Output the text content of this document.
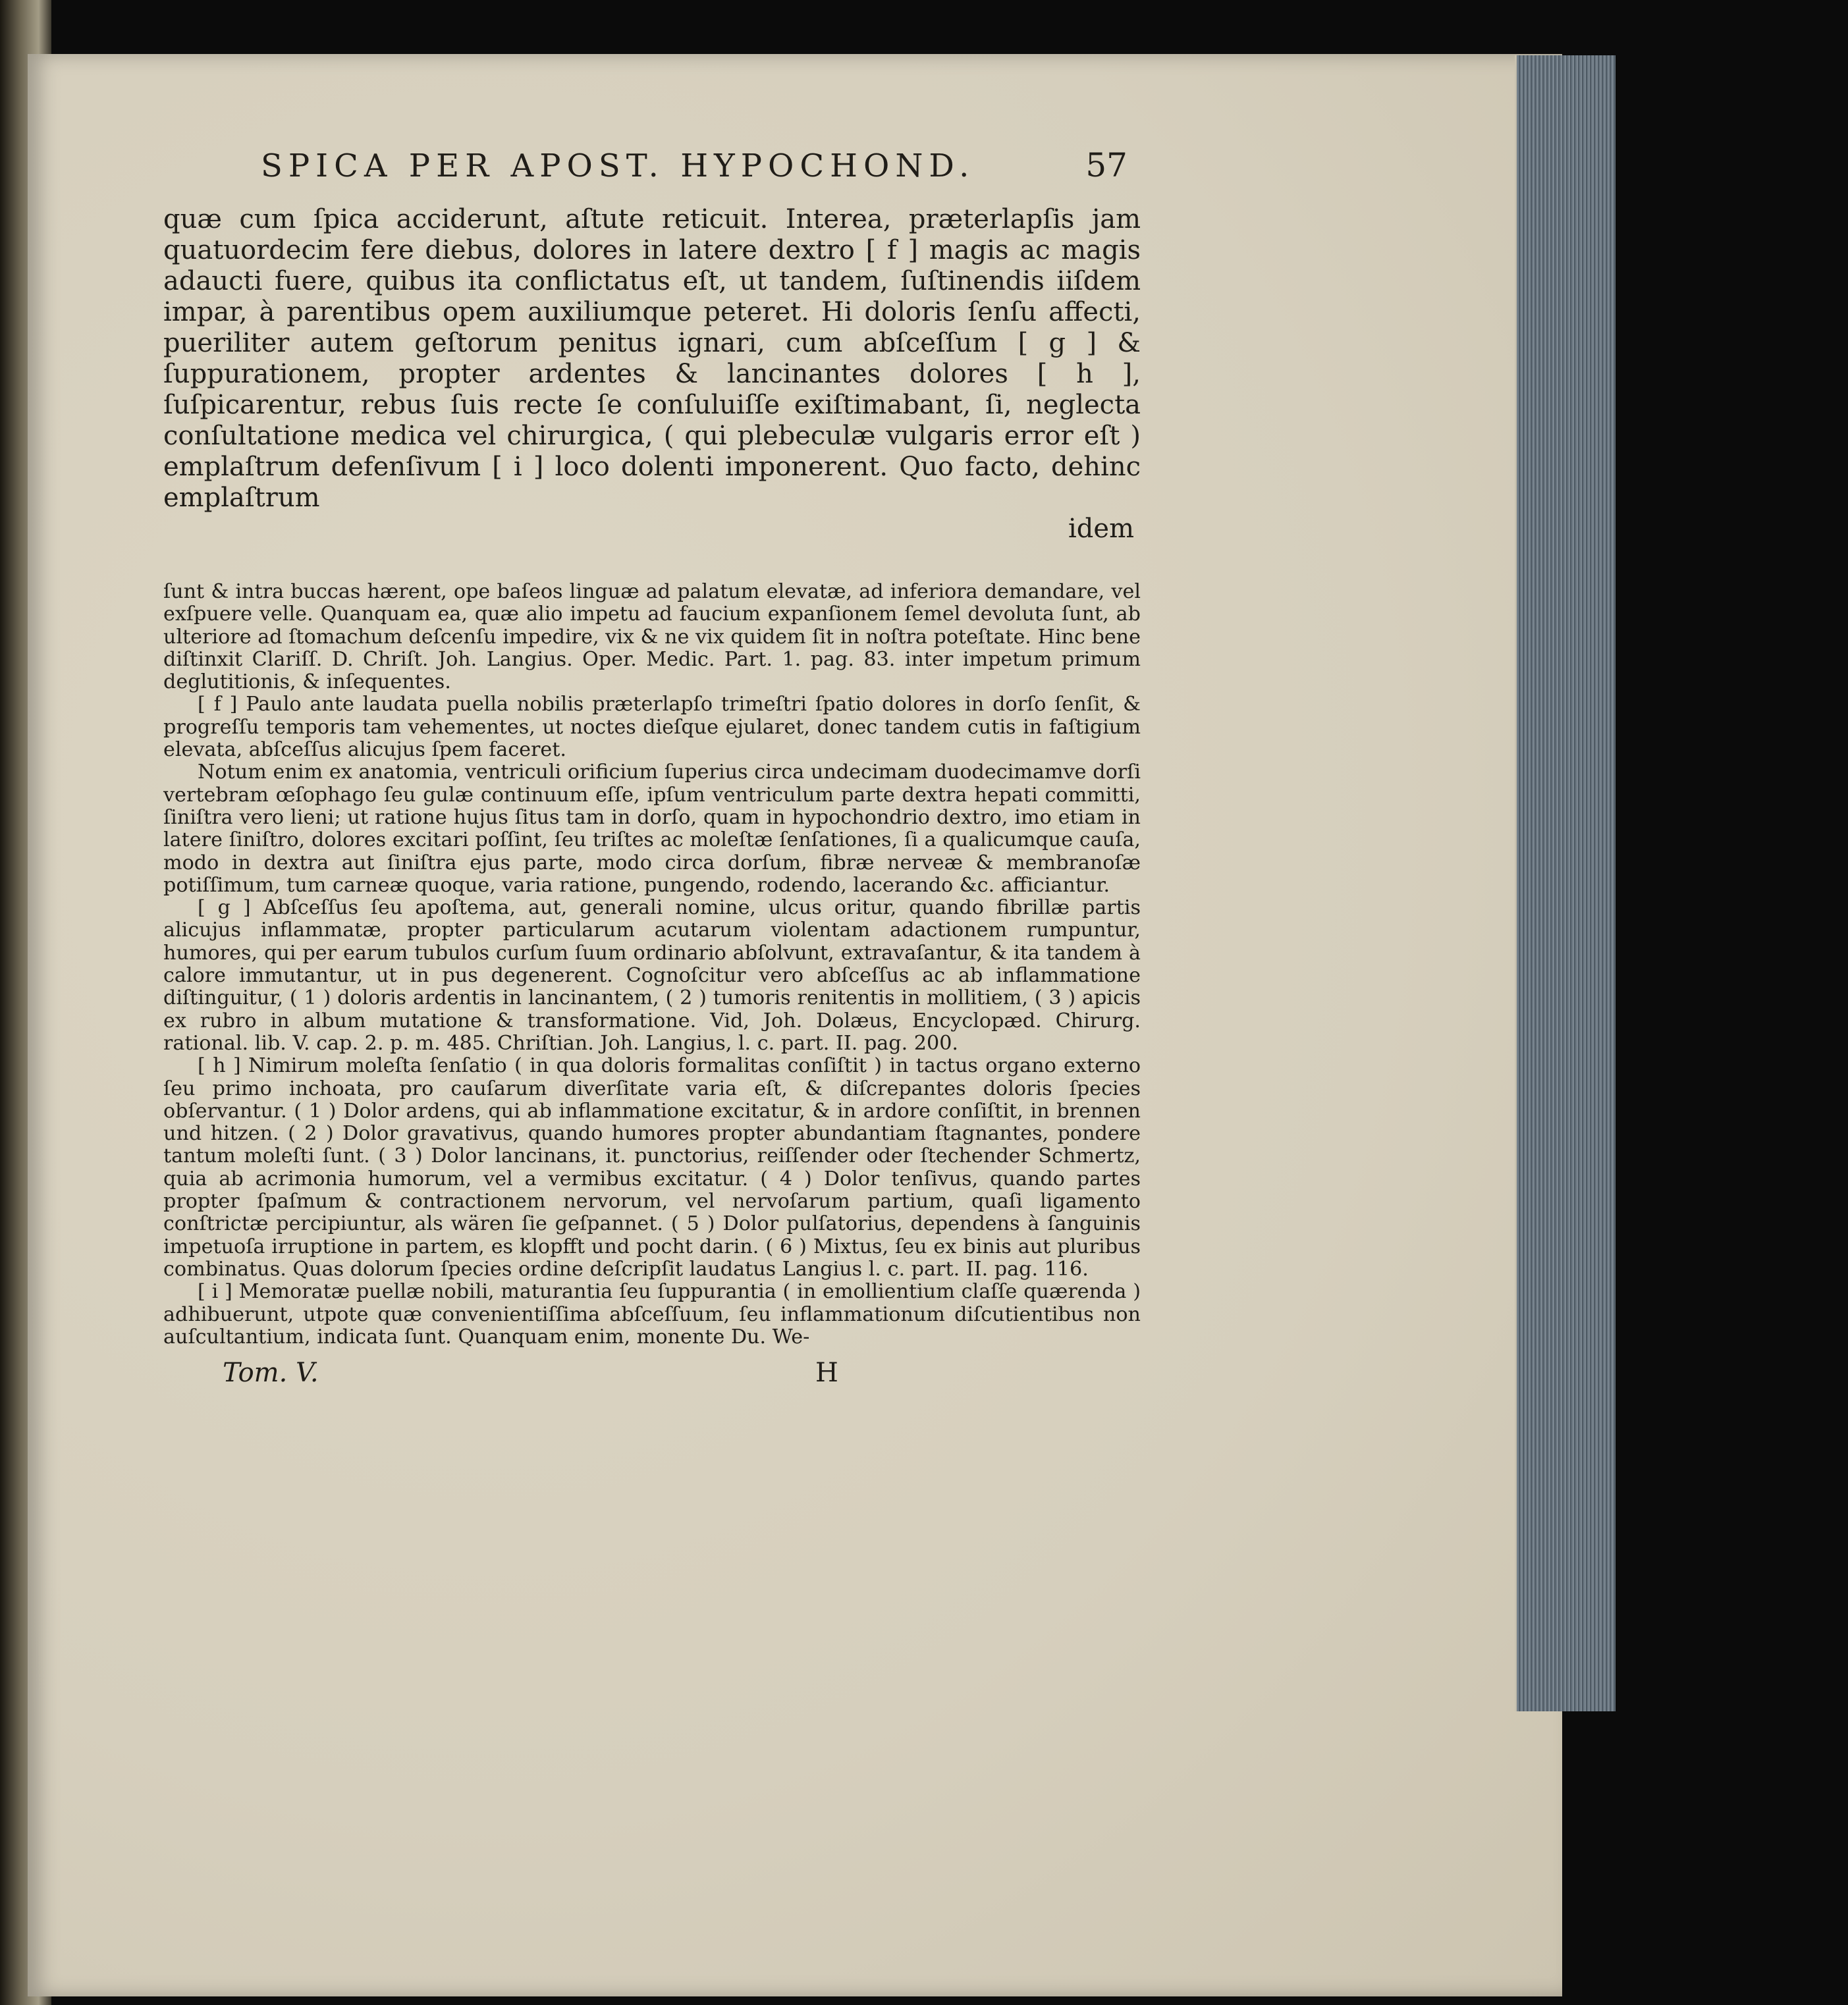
SPICA PER APOST. HYPOCHOND.	57
quæ cum ſpica acciderunt, aſtute reticuit. Interea, præterlapſis jam quatuordecim fere diebus, dolores in latere dextro [ f ] magis ac magis adaucti fuere, quibus ita conflictatus eſt, ut tandem, ſuſtinendis iiſdem impar, à parentibus opem auxiliumque peteret. Hi doloris ſenſu affecti, pueriliter autem geſtorum penitus ignari, cum abſceſſum [ g ] & ſuppurationem, propter ardentes & lancinantes dolores [ h ], ſuſpicarentur, rebus ſuis recte ſe conſuluiſſe exiſtimabant, ſi, neglecta conſultatione medica vel chirurgica, ( qui plebeculæ vulgaris error eſt ) emplaſtrum defenſivum [ i ] loco dolenti imponerent. Quo facto, dehinc emplaſtrum
idem

ſunt & intra buccas hærent, ope baſeos linguæ ad palatum elevatæ, ad inferiora demandare, vel exſpuere velle. Quanquam ea, quæ alio impetu ad faucium expanſionem ſemel devoluta ſunt, ab ulteriore ad ſtomachum deſcenſu impedire, vix & ne vix quidem ſit in noſtra poteſtate. Hinc bene diſtinxit Clariſſ. D. Chriſt. Joh. Langius. Oper. Medic. Part. 1. pag. 83. inter impetum primum deglutitionis, & inſequentes.

[ f ] Paulo ante laudata puella nobilis præterlapſo trimeſtri ſpatio dolores in dorſo ſenſit, & progreſſu temporis tam vehementes, ut noctes dieſque ejularet, donec tandem cutis in faſtigium elevata, abſceſſus alicujus ſpem faceret.

Notum enim ex anatomia, ventriculi orificium ſuperius circa undecimam duodecimamve dorſi vertebram œſophago ſeu gulæ continuum eſſe, ipſum ventriculum parte dextra hepati committi, ſiniſtra vero lieni; ut ratione hujus ſitus tam in dorſo, quam in hypochondrio dextro, imo etiam in latere ſiniſtro, dolores excitari poſſint, ſeu triſtes ac moleſtæ ſenſationes, ſi a qualicumque cauſa, modo in dextra aut ſiniſtra ejus parte, modo circa dorſum, fibræ nerveæ & membranoſæ potiſſimum, tum carneæ quoque, varia ratione, pungendo, rodendo, lacerando &c. afficiantur.

[ g ] Abſceſſus ſeu apoſtema, aut, generali nomine, ulcus oritur, quando fibrillæ partis alicujus inflammatæ, propter particularum acutarum violentam adactionem rumpuntur, humores, qui per earum tubulos curſum ſuum ordinario abſolvunt, extravaſantur, & ita tandem à calore immutantur, ut in pus degenerent. Cognoſcitur vero abſceſſus ac ab inflammatione diſtinguitur, ( 1 ) doloris ardentis in lancinantem, ( 2 ) tumoris renitentis in mollitiem, ( 3 ) apicis ex rubro in album mutatione & transformatione. Vid, Joh. Dolæus, Encyclopæd. Chirurg. rational. lib. V. cap. 2. p. m. 485. Chriſtian. Joh. Langius, l. c. part. II. pag. 200.

[ h ] Nimirum moleſta ſenſatio ( in qua doloris formalitas conſiſtit ) in tactus organo externo ſeu primo inchoata, pro cauſarum diverſitate varia eſt, & diſcrepantes doloris ſpecies obſervantur. ( 1 ) Dolor ardens, qui ab inflammatione excitatur, & in ardore conſiſtit, in brennen und hitzen. ( 2 ) Dolor gravativus, quando humores propter abundantiam ſtagnantes, pondere tantum moleſti ſunt. ( 3 ) Dolor lancinans, it. punctorius, reiſſender oder ſtechender Schmertz, quia ab acrimonia humorum, vel a vermibus excitatur. ( 4 ) Dolor tenſivus, quando partes propter ſpaſmum & contractionem nervorum, vel nervoſarum partium, quaſi ligamento conſtrictæ percipiuntur, als wären ſie geſpannet. ( 5 ) Dolor pulſatorius, dependens à ſanguinis impetuoſa irruptione in partem, es klopfft und pocht darin. ( 6 ) Mixtus, ſeu ex binis aut pluribus combinatus. Quas dolorum ſpecies ordine deſcripſit laudatus Langius l. c. part. II. pag. 116.

[ i ] Memoratæ puellæ nobili, maturantia ſeu ſuppurantia ( in emollientium claſſe quærenda ) adhibuerunt, utpote quæ convenientiſſima abſceſſuum, ſeu inflammationum diſcutientibus non auſcultantium, indicata ſunt. Quanquam enim, monente Du. We-

Tom. V.	H
